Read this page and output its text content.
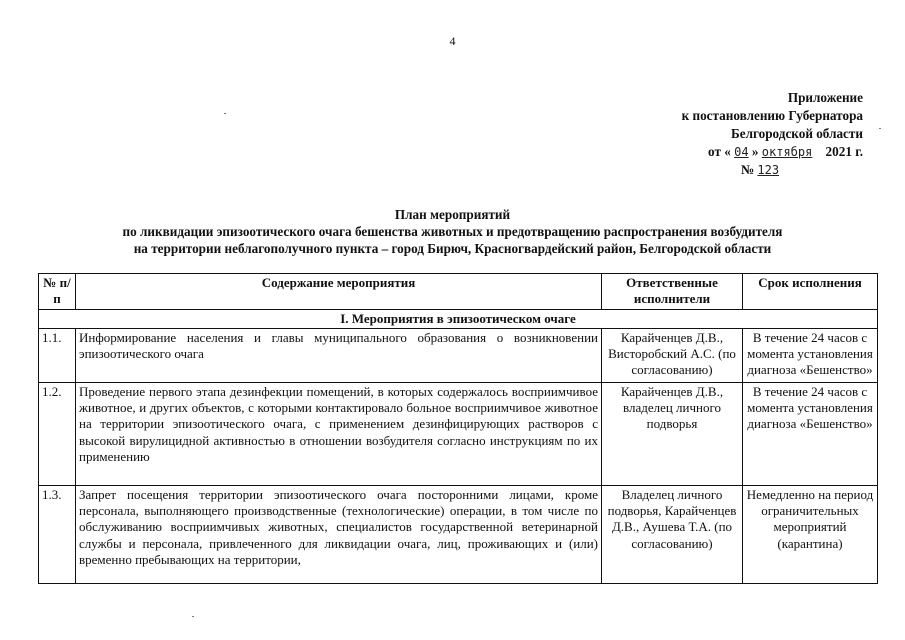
4
Приложение
к постановлению Губернатора
Белгородской области
от « 04 » октября 2021 г.
№ 123
План мероприятий
по ликвидации эпизоотического очага бешенства животных и предотвращению распространения возбудителя
на территории неблагополучного пункта – город Бирюч, Красногвардейский район, Белгородской области
№ п/п	Содержание мероприятия	Ответственные исполнители	Срок исполнения
I. Мероприятия в эпизоотическом очаге			
1.1.	Информирование населения и главы муниципального образования о возникновении эпизоотического очага	Карайченцев Д.В., Висторобский А.С. (по согласованию)	В течение 24 часов с момента установления диагноза «Бешенство»
1.2.	Проведение первого этапа дезинфекции помещений, в которых содержалось восприимчивое животное, и других объектов, с которыми контактировало больное восприимчивое животное на территории эпизоотического очага, с применением дезинфицирующих растворов с высокой вирулицидной активностью в отношении возбудителя согласно инструкциям по их применению	Карайченцев Д.В., владелец личного подворья	В течение 24 часов с момента установления диагноза «Бешенство»
1.3.	Запрет посещения территории эпизоотического очага посторонними лицами, кроме персонала, выполняющего производственные (технологические) операции, в том числе по обслуживанию восприимчивых животных, специалистов государственной ветеринарной службы и персонала, привлеченного для ликвидации очага, лиц, проживающих и (или) временно пребывающих на территории,	Владелец личного подворья, Карайченцев Д.В., Аушева Т.А. (по согласованию)	Немедленно на период ограничительных мероприятий (карантина)
